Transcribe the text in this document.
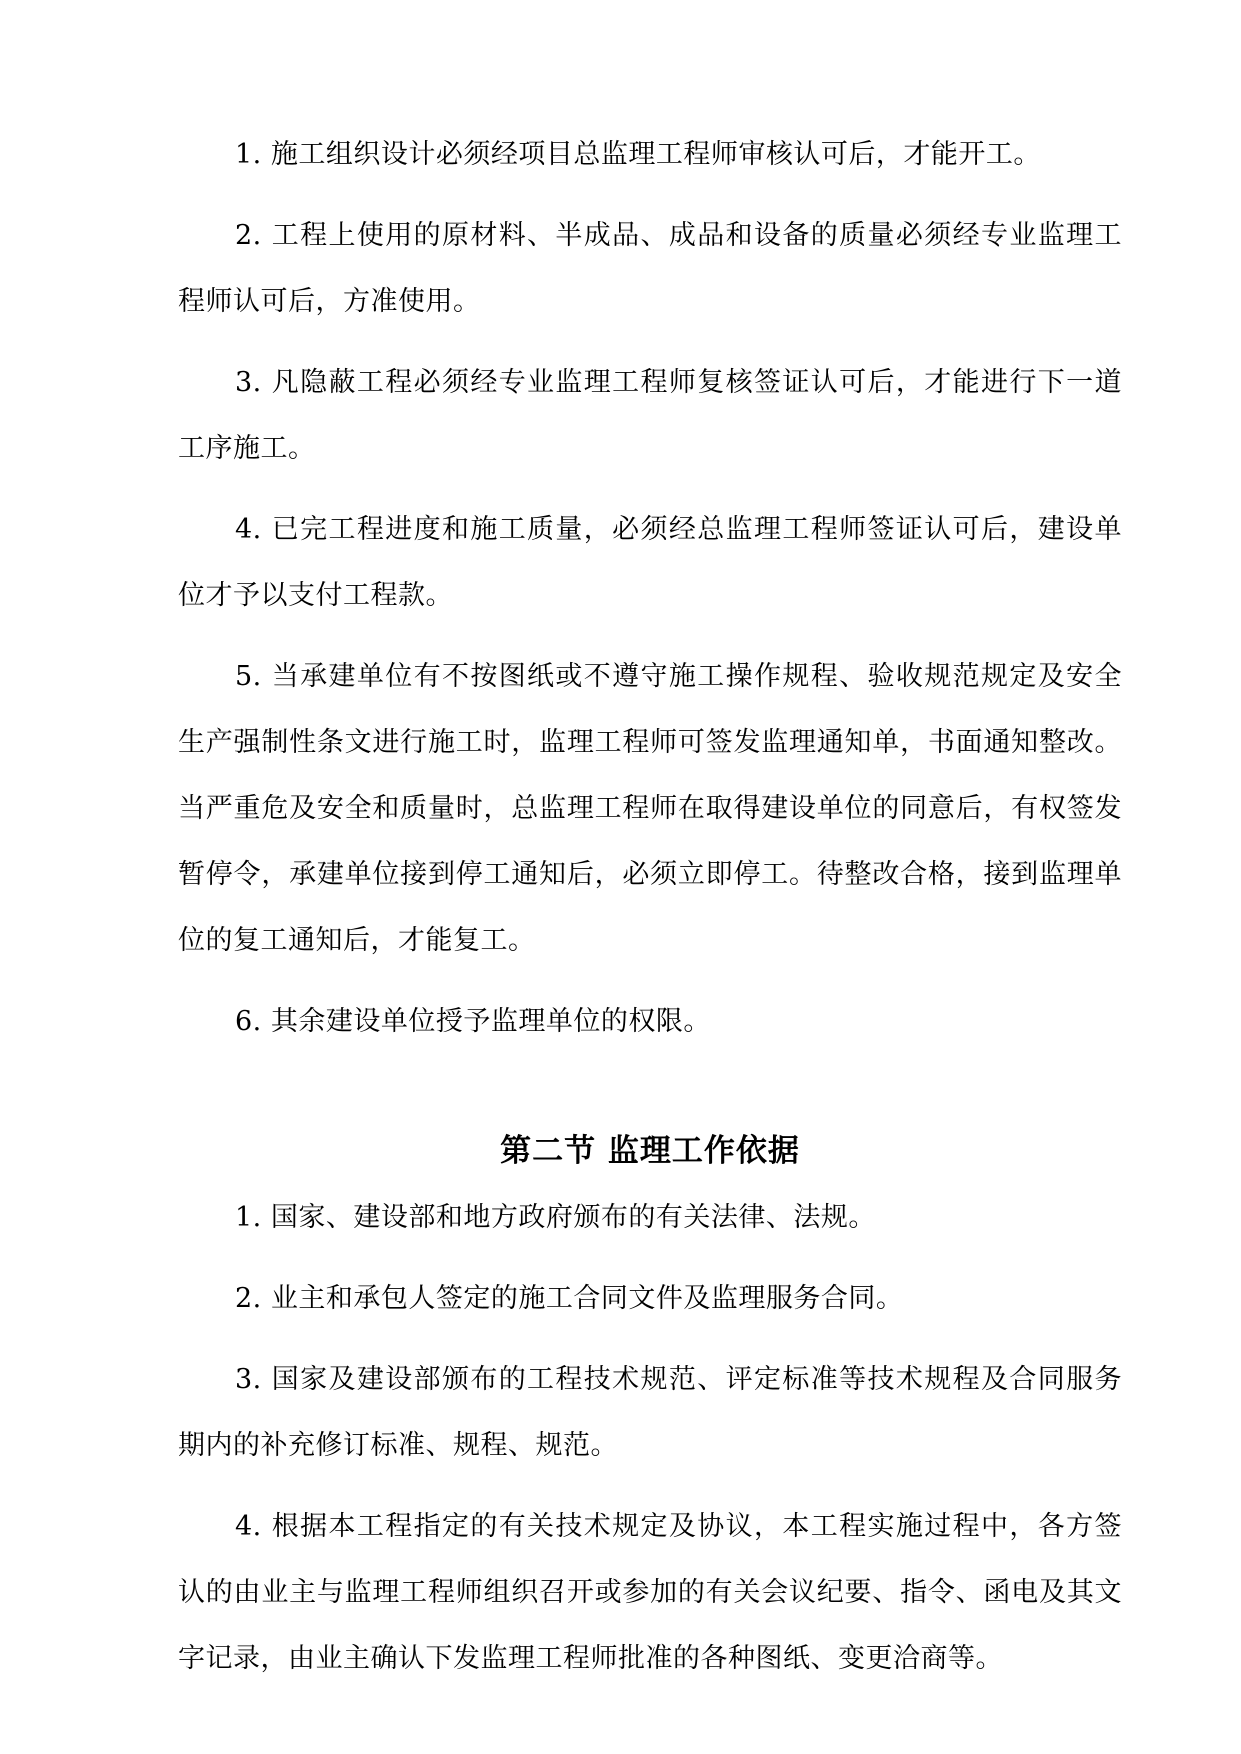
1. 施工组织设计必须经项目总监理工程师审核认可后，才能开工。

2. 工程上使用的原材料、半成品、成品和设备的质量必须经专业监理工程师认可后，方准使用。

3. 凡隐蔽工程必须经专业监理工程师复核签证认可后，才能进行下一道工序施工。

4. 已完工程进度和施工质量，必须经总监理工程师签证认可后，建设单位才予以支付工程款。

5. 当承建单位有不按图纸或不遵守施工操作规程、验收规范规定及安全生产强制性条文进行施工时，监理工程师可签发监理通知单，书面通知整改。当严重危及安全和质量时，总监理工程师在取得建设单位的同意后，有权签发暂停令，承建单位接到停工通知后，必须立即停工。待整改合格，接到监理单位的复工通知后，才能复工。

6. 其余建设单位授予监理单位的权限。

第二节 监理工作依据

1. 国家、建设部和地方政府颁布的有关法律、法规。

2. 业主和承包人签定的施工合同文件及监理服务合同。

3. 国家及建设部颁布的工程技术规范、评定标准等技术规程及合同服务期内的补充修订标准、规程、规范。

4. 根据本工程指定的有关技术规定及协议，本工程实施过程中，各方签认的由业主与监理工程师组织召开或参加的有关会议纪要、指令、函电及其文字记录，由业主确认下发监理工程师批准的各种图纸、变更洽商等。
